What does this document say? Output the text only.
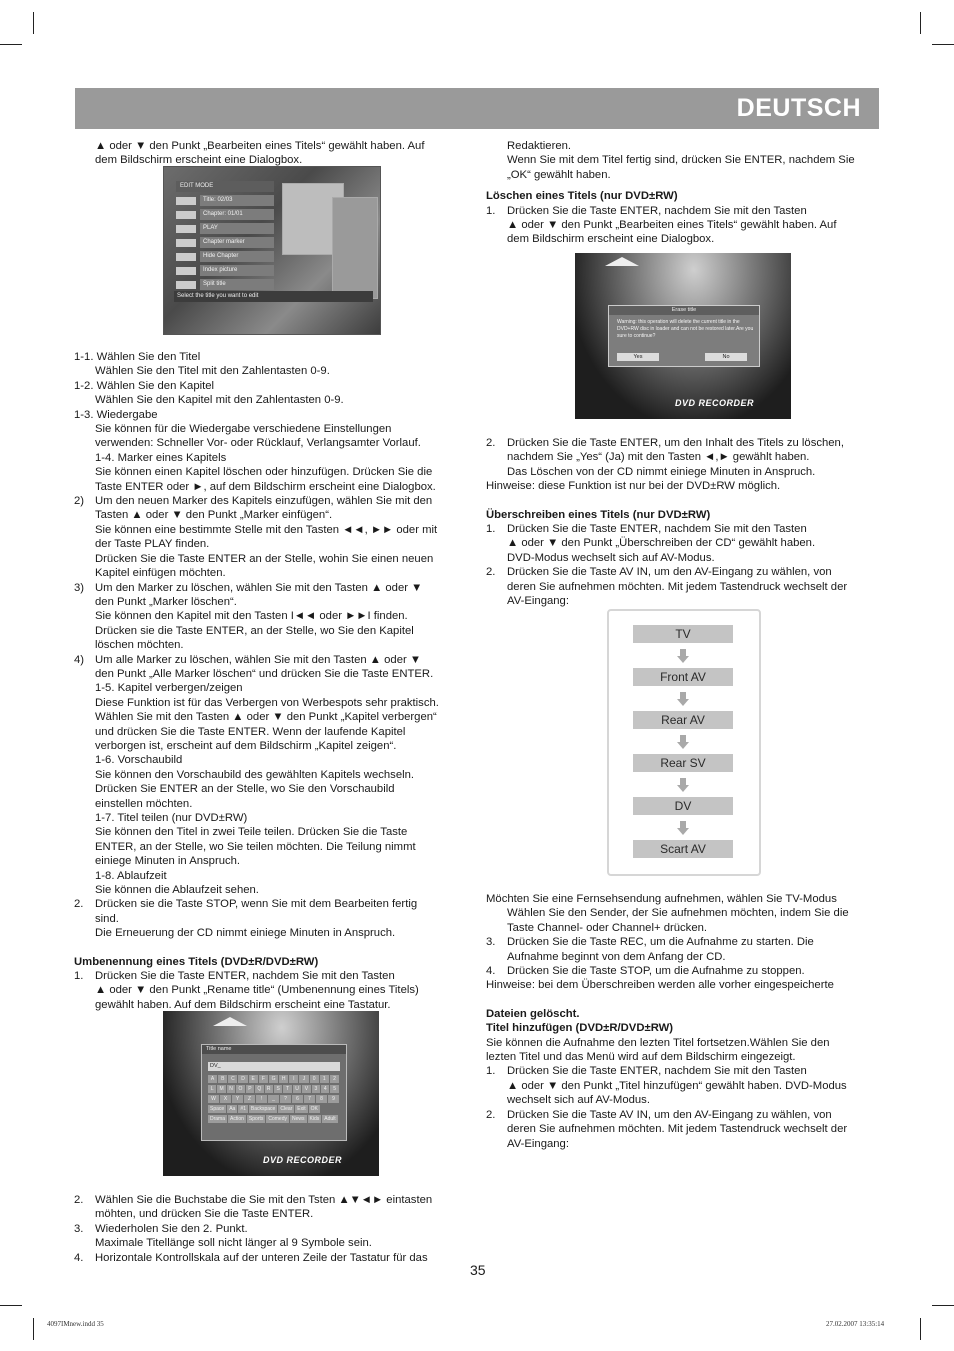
DEUTSCH

▲ oder ▼ den Punkt „Bearbeiten eines Titels“ gewählt haben. Auf

dem Bildschirm erscheint eine Dialogbox.

EDIT MODE
Title: 02/03
Chapter: 01/01
PLAY
Chapter marker
Hide Chapter
Index picture
Split title
Select the title you want to edit

1-1. Wählen Sie den Titel

Wählen Sie den Titel mit den Zahlentasten 0-9.

1-2. Wählen Sie den Kapitel

Wählen Sie den Kapitel mit den Zahlentasten 0-9.

1-3. Wiedergabe

Sie können für die Wiedergabe verschiedene Einstellungen

verwenden: Schneller Vor- oder Rücklauf, Verlangsamter Vorlauf.

1-4. Marker eines Kapitels

Sie können einen Kapitel löschen oder hinzufügen. Drücken Sie die

Taste ENTER oder ►, auf dem Bildschirm erscheint eine Dialogbox.

2) Um den neuen Marker des Kapitels einzufügen, wählen Sie mit den

Tasten ▲ oder ▼ den Punkt „Marker einfügen“.

Sie können eine bestimmte Stelle mit den Tasten ◄◄, ►► oder mit

der Taste PLAY finden.

Drücken Sie die Taste ENTER an der Stelle, wohin Sie einen neuen

Kapitel einfügen möchten.

3) Um den Marker zu löschen, wählen Sie mit den Tasten ▲ oder ▼

den Punkt „Marker löschen“.

Sie können den Kapitel mit den Tasten I◄◄ oder ►►I finden.

Drücken sie die Taste ENTER, an der Stelle, wo Sie den Kapitel

löschen möchten.

4) Um alle Marker zu löschen, wählen Sie mit den Tasten ▲ oder ▼

den Punkt „Alle Marker löschen“ und drücken Sie die Taste ENTER.

1-5. Kapitel verbergen/zeigen

Diese Funktion ist für das Verbergen von Werbespots sehr praktisch.

Wählen Sie mit den Tasten ▲ oder ▼ den Punkt „Kapitel verbergen“

und drücken Sie die Taste ENTER. Wenn der laufende Kapitel

verborgen ist, erscheint auf dem Bildschirm „Kapitel zeigen“.

1-6. Vorschaubild

Sie können den Vorschaubild des gewählten Kapitels wechseln.

Drücken Sie ENTER an der Stelle, wo Sie den Vorschaubild

einstellen möchten.

1-7. Titel teilen (nur DVD±RW)

Sie können den Titel in zwei Teile teilen. Drücken Sie die Taste

ENTER, an der Stelle, wo Sie teilen möchten. Die Teilung nimmt

einiege Minuten in Anspruch.

1-8. Ablaufzeit

Sie können die Ablaufzeit sehen.

2. Drücken sie die Taste STOP, wenn Sie mit dem Bearbeiten fertig

sind.

Die Erneuerung der CD nimmt einiege Minuten in Anspruch.

Umbenennung eines Titels (DVD±R/DVD±RW)

1. Drücken Sie die Taste ENTER, nachdem Sie mit den Tasten

▲ oder ▼ den Punkt „Rename title“ (Umbenennung eines Titels)

gewählt haben. Auf dem Bildschirm erscheint eine Tastatur.

Title name
DV_
A	B	C	D	E	F	G	H	I	J	0	1	2
L	M	N	O	P	Q	R	S	T	U	V	3	4	5
W	X	Y	Z	!	_	?	6	7	8	9
Space	Aa	#1	Backspace	Clear	Exit	OK
Drama	Action	Sports	Comedy	News	Kids	Adult
DVD RECORDER
2. Wählen Sie die Buchstabe die Sie mit den Tsten ▲▼◄► eintasten

möhten, und drücken Sie die Taste ENTER.

3. Wiederholen Sie den 2. Punkt.

Maximale Titellänge soll nicht länger al 9 Symbole sein.

4. Horizontale Kontrollskala auf der unteren Zeile der Tastatur für das

Redaktieren.

Wenn Sie mit dem Titel fertig sind, drücken Sie ENTER, nachdem Sie

„OK“ gewählt haben.

Löschen eines Titels (nur DVD±RW)

1. Drücken Sie die Taste ENTER, nachdem Sie mit den Tasten

▲ oder ▼ den Punkt „Bearbeiten eines Titels“ gewählt haben. Auf

dem Bildschirm erscheint eine Dialogbox.

Erase title
Warning: this operation will delete the current title in the DVD+RW disc in loader and can not be restored later.Are you sure to continue?
Yes	No
DVD RECORDER
2. Drücken Sie die Taste ENTER, um den Inhalt des Titels zu löschen,

nachdem Sie „Yes“ (Ja) mit den Tasten ◄,► gewählt haben.

Das Löschen von der CD nimmt einiege Minuten in Anspruch.

Hinweise: diese Funktion ist nur bei der DVD±RW möglich.

Überschreiben eines Titels (nur DVD±RW)

1. Drücken Sie die Taste ENTER, nachdem Sie mit den Tasten

▲ oder ▼ den Punkt „Überschreiben der CD“ gewählt haben.

DVD-Modus wechselt sich auf AV-Modus.

2. Drücken Sie die Taste AV IN, um den AV-Eingang zu wählen, von

deren Sie aufnehmen möchten. Mit jedem Tastendruck wechselt der

AV-Eingang:

TV
Front AV
Rear AV
Rear SV
DV
Scart AV

Möchten Sie eine Fernsehsendung aufnehmen, wählen Sie TV-Modus

Wählen Sie den Sender, der Sie aufnehmen möchten, indem Sie die

Taste Channel- oder Channel+ drücken.

3. Drücken Sie die Taste REC, um die Aufnahme zu starten. Die

Aufnahme beginnt von dem Anfang der CD.

4. Drücken Sie die Taste STOP, um die Aufnahme zu stoppen.

Hinweise: bei dem Überschreiben werden alle vorher eingespeicherte

Dateien gelöscht.

Titel hinzufügen (DVD±R/DVD±RW)

Sie können die Aufnahme den lezten Titel fortsetzen.Wählen Sie den

lezten Titel und das Menü wird auf dem Bildschirm eingezeigt.

1. Drücken Sie die Taste ENTER, nachdem Sie mit den Tasten

▲ oder ▼ den Punkt „Titel hinzufügen“ gewählt haben. DVD-Modus

wechselt sich auf AV-Modus.

2. Drücken Sie die Taste AV IN, um den AV-Eingang zu wählen, von

deren Sie aufnehmen möchten. Mit jedem Tastendruck wechselt der

AV-Eingang:

35
4097IMnew.indd 35	27.02.2007 13:35:14
